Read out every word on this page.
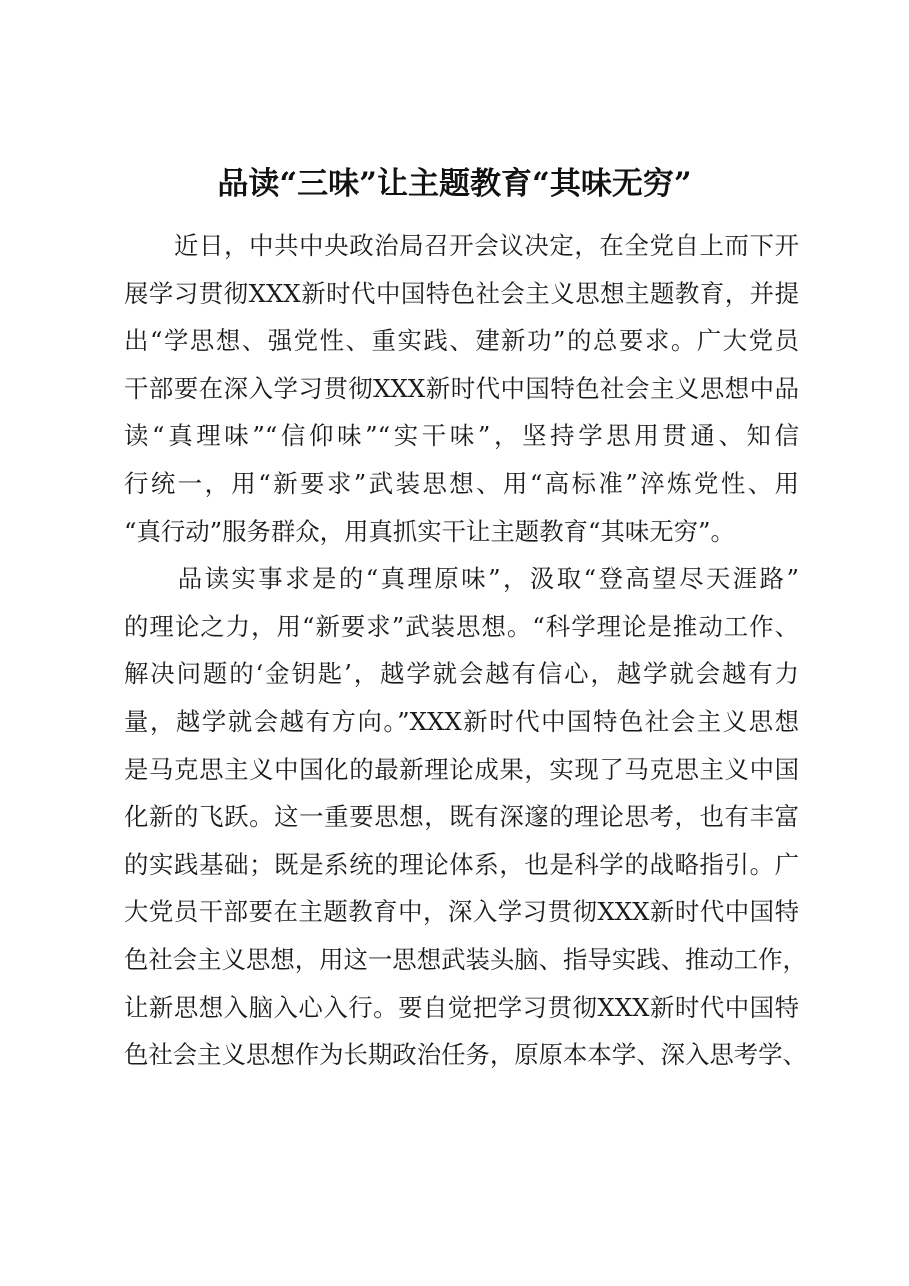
品读“三味”让主题教育“其味无穷”
　　近日，中共中央政治局召开会议决定，在全党自上而下开
展学习贯彻XXX新时代中国特色社会主义思想主题教育，并提
出“学思想、强党性、重实践、建新功”的总要求。广大党员
干部要在深入学习贯彻XXX新时代中国特色社会主义思想中品
读“真理味”“信仰味”“实干味”，坚持学思用贯通、知信
行统一，用“新要求”武装思想、用“高标准”淬炼党性、用
“真行动”服务群众，用真抓实干让主题教育“其味无穷”。
　　品读实事求是的“真理原味”，汲取“登高望尽天涯路”
的理论之力，用“新要求”武装思想。“科学理论是推动工作、
解决问题的‘金钥匙’，越学就会越有信心，越学就会越有力
量，越学就会越有方向。”XXX新时代中国特色社会主义思想
是马克思主义中国化的最新理论成果，实现了马克思主义中国
化新的飞跃。这一重要思想，既有深邃的理论思考，也有丰富
的实践基础；既是系统的理论体系，也是科学的战略指引。广
大党员干部要在主题教育中，深入学习贯彻XXX新时代中国特
色社会主义思想，用这一思想武装头脑、指导实践、推动工作，
让新思想入脑入心入行。要自觉把学习贯彻XXX新时代中国特
色社会主义思想作为长期政治任务，原原本本学、深入思考学、
